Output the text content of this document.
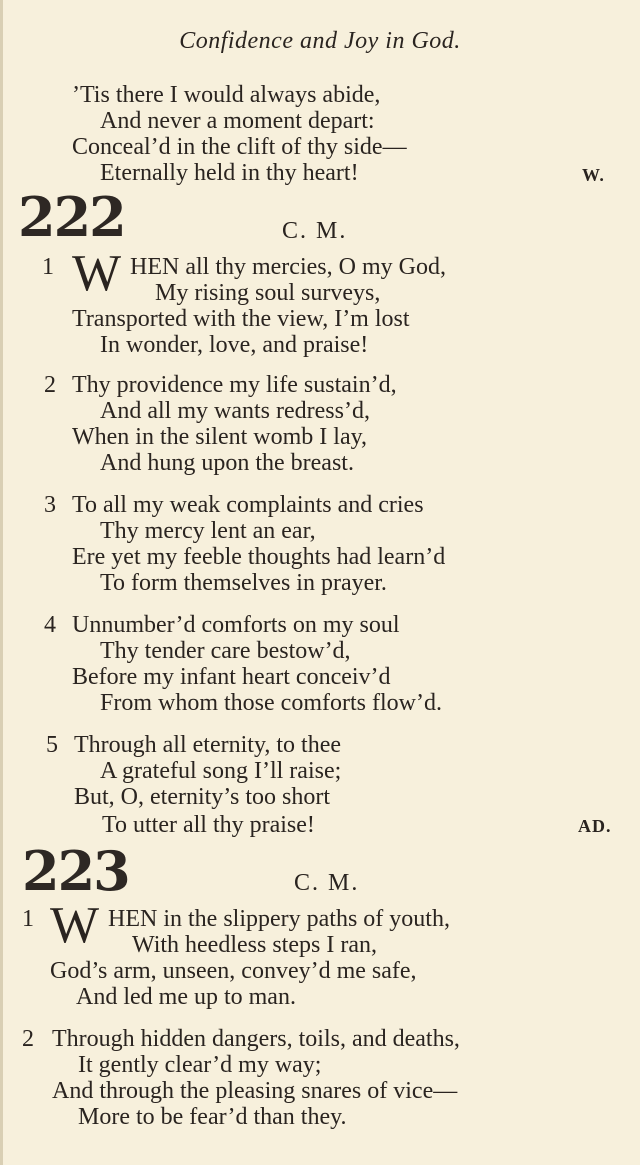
Confidence and Joy in God.
’Tis there I would always abide,
And never a moment depart:
Conceal’d in the clift of thy side—
Eternally held in thy heart!	W.
222	C. M.
1 W HEN all thy mercies, O my God,
My rising soul surveys,
Transported with the view, I’m lost
In wonder, love, and praise!
2 Thy providence my life sustain’d,
And all my wants redress’d,
When in the silent womb I lay,
And hung upon the breast.
3 To all my weak complaints and cries
Thy mercy lent an ear,
Ere yet my feeble thoughts had learn’d
To form themselves in prayer.
4 Unnumber’d comforts on my soul
Thy tender care bestow’d,
Before my infant heart conceiv’d
From whom those comforts flow’d.
5 Through all eternity, to thee
A grateful song I’ll raise;
But, O, eternity’s too short
To utter all thy praise!	AD.
223	C. M.
1 W HEN in the slippery paths of youth,
With heedless steps I ran,
God’s arm, unseen, convey’d me safe,
And led me up to man.
2 Through hidden dangers, toils, and deaths,
It gently clear’d my way;
And through the pleasing snares of vice—
More to be fear’d than they.
